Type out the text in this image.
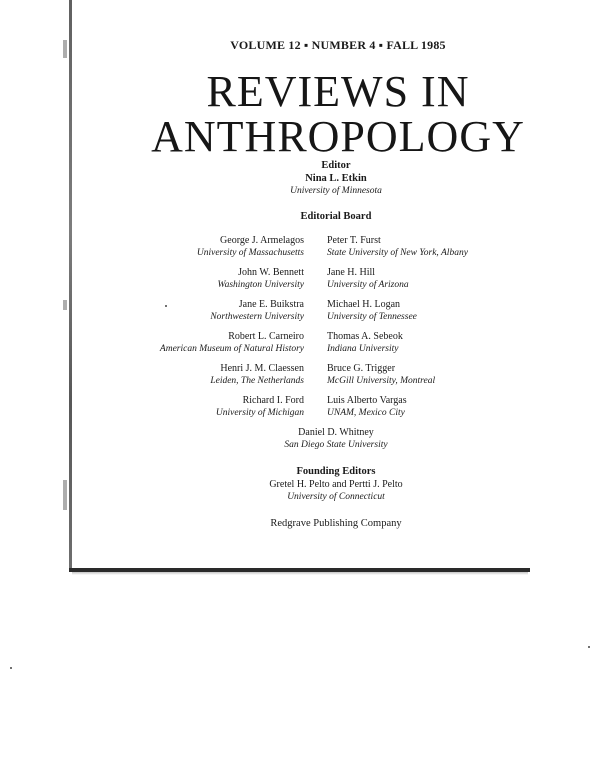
VOLUME 12 ▪ NUMBER 4 ▪ FALL 1985
REVIEWS IN
ANTHROPOLOGY
Editor
Nina L. Etkin
University of Minnesota
Editorial Board
George J. Armelagos
University of Massachusetts
Peter T. Furst
State University of New York, Albany
John W. Bennett
Washington University
Jane H. Hill
University of Arizona
Jane E. Buikstra
Northwestern University
Michael H. Logan
University of Tennessee
Robert L. Carneiro
American Museum of Natural History
Thomas A. Sebeok
Indiana University
Henri J. M. Claessen
Leiden, The Netherlands
Bruce G. Trigger
McGill University, Montreal
Richard I. Ford
University of Michigan
Luis Alberto Vargas
UNAM, Mexico City
Daniel D. Whitney
San Diego State University
Founding Editors
Gretel H. Pelto and Pertti J. Pelto
University of Connecticut
Redgrave Publishing Company
